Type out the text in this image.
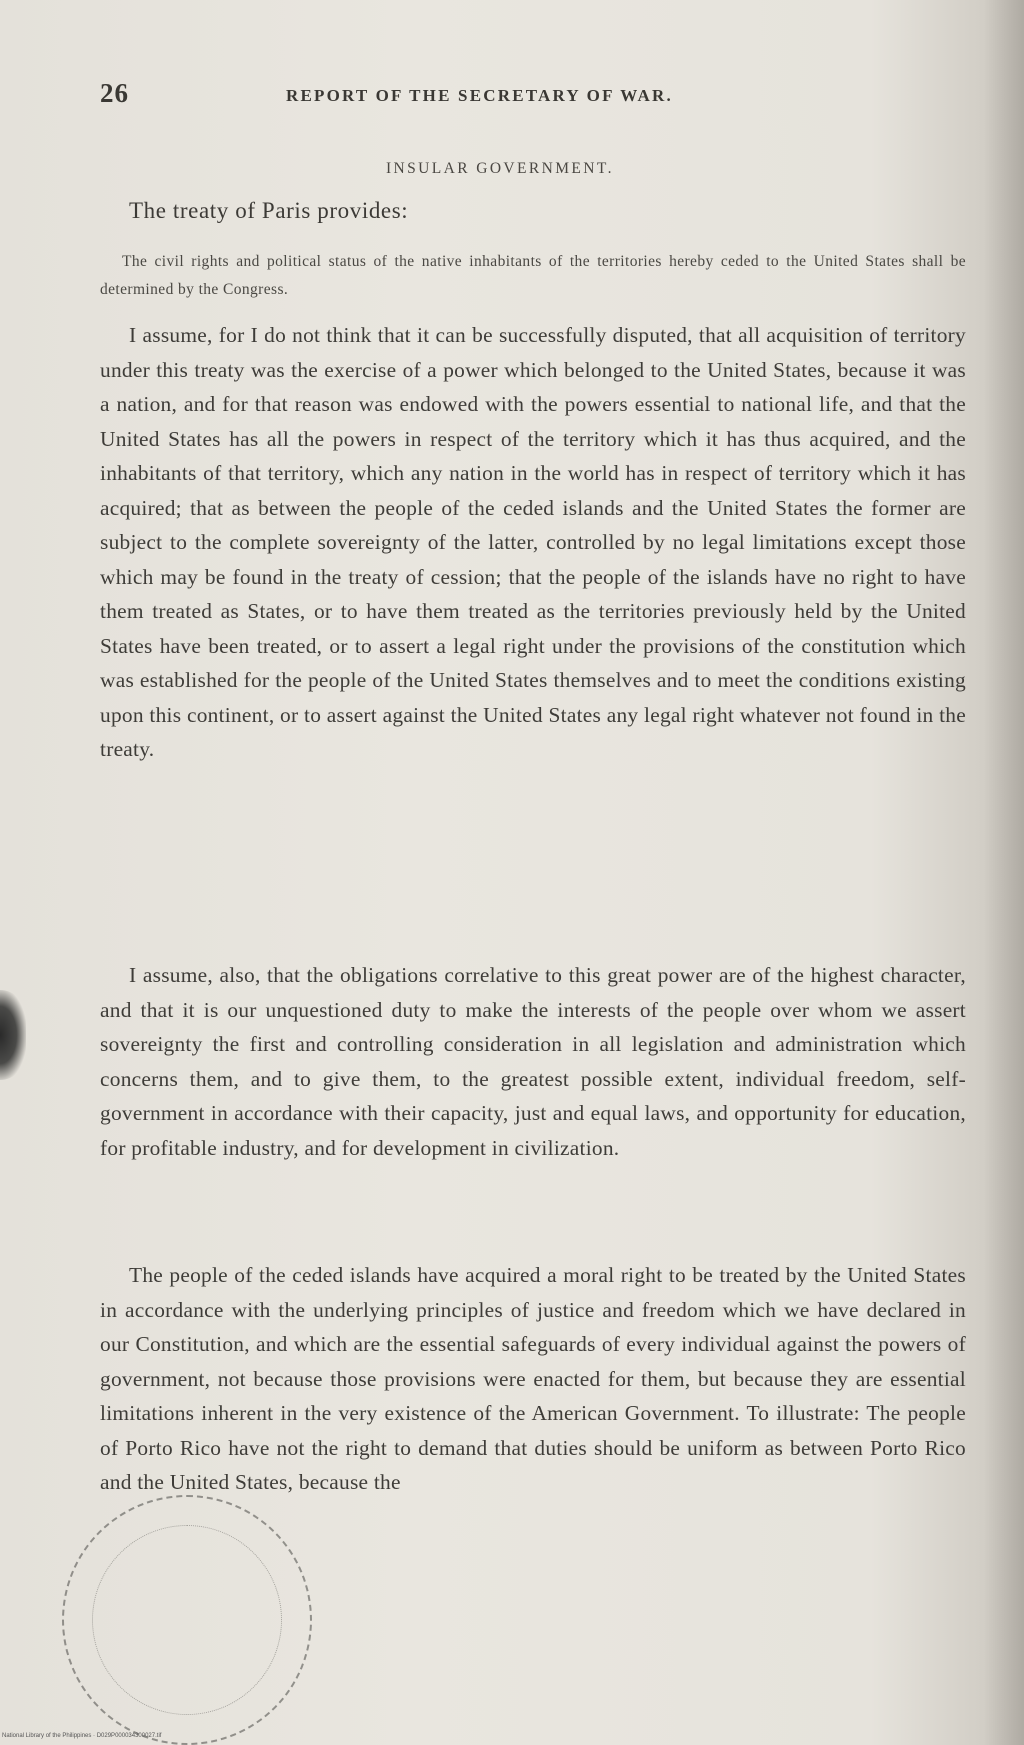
26	REPORT OF THE SECRETARY OF WAR.
INSULAR GOVERNMENT.
The treaty of Paris provides:
The civil rights and political status of the native inhabitants of the territories hereby ceded to the United States shall be determined by the Congress.

I assume, for I do not think that it can be successfully disputed, that all acquisition of territory under this treaty was the exercise of a power which belonged to the United States, because it was a nation, and for that reason was endowed with the powers essential to national life, and that the United States has all the powers in respect of the territory which it has thus acquired, and the inhabitants of that territory, which any nation in the world has in respect of territory which it has acquired; that as between the people of the ceded islands and the United States the former are subject to the complete sovereignty of the latter, controlled by no legal limitations except those which may be found in the treaty of cession; that the people of the islands have no right to have them treated as States, or to have them treated as the territories previously held by the United States have been treated, or to assert a legal right under the provisions of the constitution which was established for the people of the United States themselves and to meet the conditions existing upon this continent, or to assert against the United States any legal right whatever not found in the treaty.

I assume, also, that the obligations correlative to this great power are of the highest character, and that it is our unquestioned duty to make the interests of the people over whom we assert sovereignty the first and controlling consideration in all legislation and administration which concerns them, and to give them, to the greatest possible extent, individual freedom, self-government in accordance with their capacity, just and equal laws, and opportunity for education, for profitable industry, and for development in civilization.

The people of the ceded islands have acquired a moral right to be treated by the United States in accordance with the underlying principles of justice and freedom which we have declared in our Constitution, and which are the essential safeguards of every individual against the powers of government, not because those provisions were enacted for them, but because they are essential limitations inherent in the very existence of the American Government. To illustrate: The people of Porto Rico have not the right to demand that duties should be uniform as between Porto Rico and the United States, because the

National Library of the Philippines · D029P000034300027.tif
